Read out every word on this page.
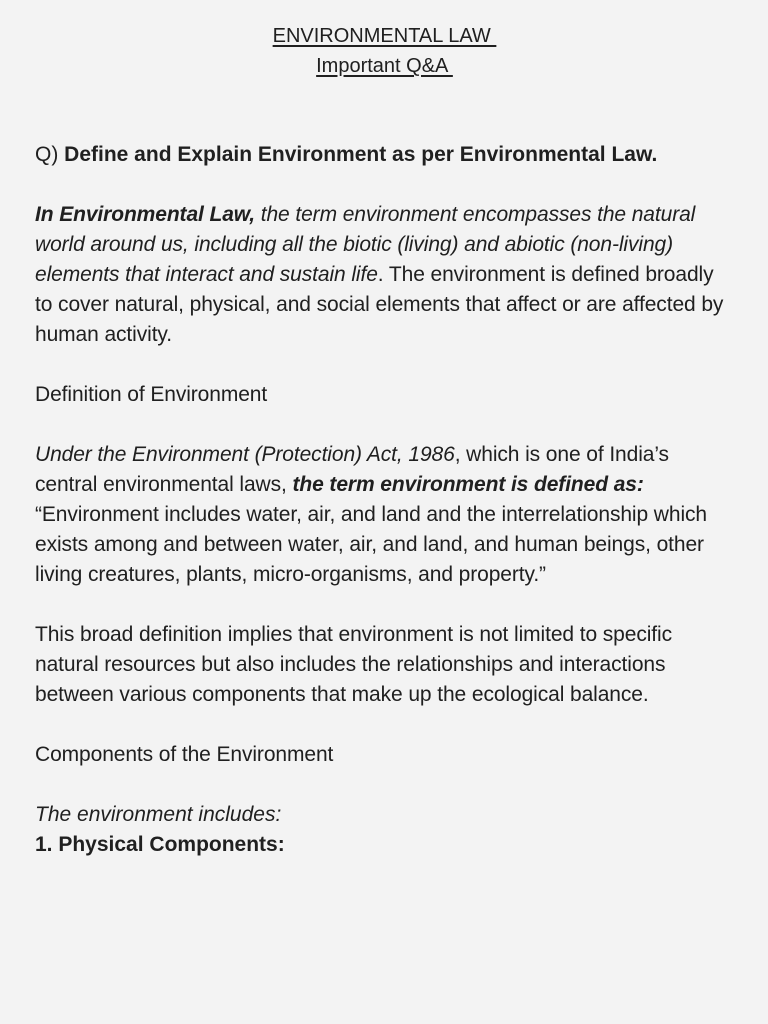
ENVIRONMENTAL LAW
Important Q&A

Q) Define and Explain Environment as per Environmental Law.

In Environmental Law, the term environment encompasses the natural world around us, including all the biotic (living) and abiotic (non-living) elements that interact and sustain life. The environment is defined broadly to cover natural, physical, and social elements that affect or are affected by human activity.

Definition of Environment

Under the Environment (Protection) Act, 1986, which is one of India’s central environmental laws, the term environment is defined as:
“Environment includes water, air, and land and the interrelationship which exists among and between water, air, and land, and human beings, other living creatures, plants, micro-organisms, and property.”

This broad definition implies that environment is not limited to specific natural resources but also includes the relationships and interactions between various components that make up the ecological balance.

Components of the Environment

The environment includes:

1. Physical Components:
